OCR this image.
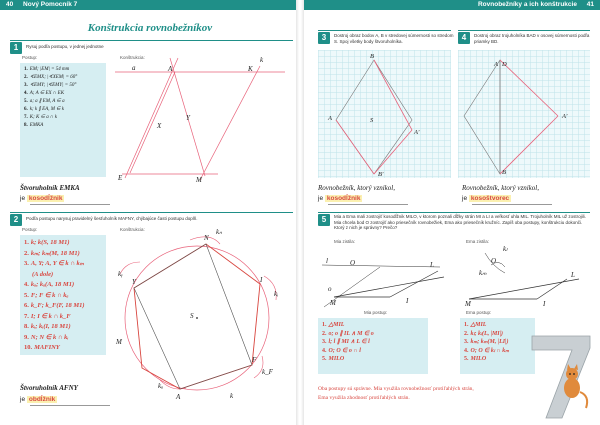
40 Nový Pomocník 7	Rovnobežníky a ich konštrukcie 41
Konštrukcia rovnobežníkov
1	Rysuj podľa postupu, v jednej jednotne
Postup:	Konštrukcia:
1. EM; |EM| = 54 mm
2. ∢EMX; |∢XEM| = 60°
3. ∢EMY; |∢EMY| = 50°
4. A; A ∈ EX ∩ EK
5. a; a ∥ EM, A ∈ a
6. k; k ∥ EA, M ∈ k
7. K; K ∈ a ∩ k
8. EMKA
a	A	K
k
X
Y
E	M
Štvoruholník EMKA
je kosodĺžnik
2	Podľa postupu narysuj pravidelný šesťuholník MAFNY, chýbajúce časti postupu doplň.
Postup:	Konštrukcia:
1. k; k(S, 18 M1)
2. kₘ; kₘ(M, 18 M1)
3. A, Y; A, Y ∈ k ∩ kₘ
(A dole)
4. kₐ; kₐ(A, 18 M1)
5. F; F ∈ k ∩ kₐ
6. k_F; k_F(F, 18 M1)
7. I; I ∈ k ∩ k_F
8. kᵢ; kᵢ(I, 18 M1)
9. N; N ∈ k ∩ kᵢ
10. MAFINY
N
kₙ
Y
kᵧ
I
kᵢ
S
M
F
k_F
A
kₐ
k
Štvoruholník AFNY
je obdĺžnik
3	Dostroj obraz bodov A, B v stredovej súmernosti so stredom S. Spoj všetky body štvoruholníka.
B
A	S
A'
B'
Rovnobežník, ktorý vznikol,
je kosodĺžnik
4	Dostroj obraz trojuholníka BAD v osovej súmernosti podľa priamky BD.
A D
B
A'
Rovnobežník, ktorý vznikol,
je kosoštvorec
5	Mia a Ema mali zostrojiť kosodĺžnik MILO, v ktorom poznali dĺžky strán MI a LI a veľkosť uhla MIL. Trojuholník MIL už zostrojili. Mia chcela bod O zostrojiť ako priesečník rovnobežiek, Ema ako priesečník kružníc. Zapíš oba postupy, konštrukciu dokonči. Ktorý z nich je správny? Prečo?
Mia zistila:	Ema zistila:
O	L
M	I
l
o
O
kₘ
kₗ
L
M	I
Mia postup:	Ema postup:
1. △MIL
2. o; o ∥ IL ∧ M ∈ o
3. l; l ∥ MI ∧ L ∈ l
4. O; O ∈ o ∩ l
5. MILO
1. △MIL
2. kₗ; kₗ(L, |MI|)
3. kₘ; kₘ(M, |LI|)
4. O; O ∈ kₗ ∩ kₘ
5. MILO
Oba postupy sú správne. Mia využila rovnobežnosť protiľahlých strán,
Ema využila zhodnosť protiľahlých strán.
